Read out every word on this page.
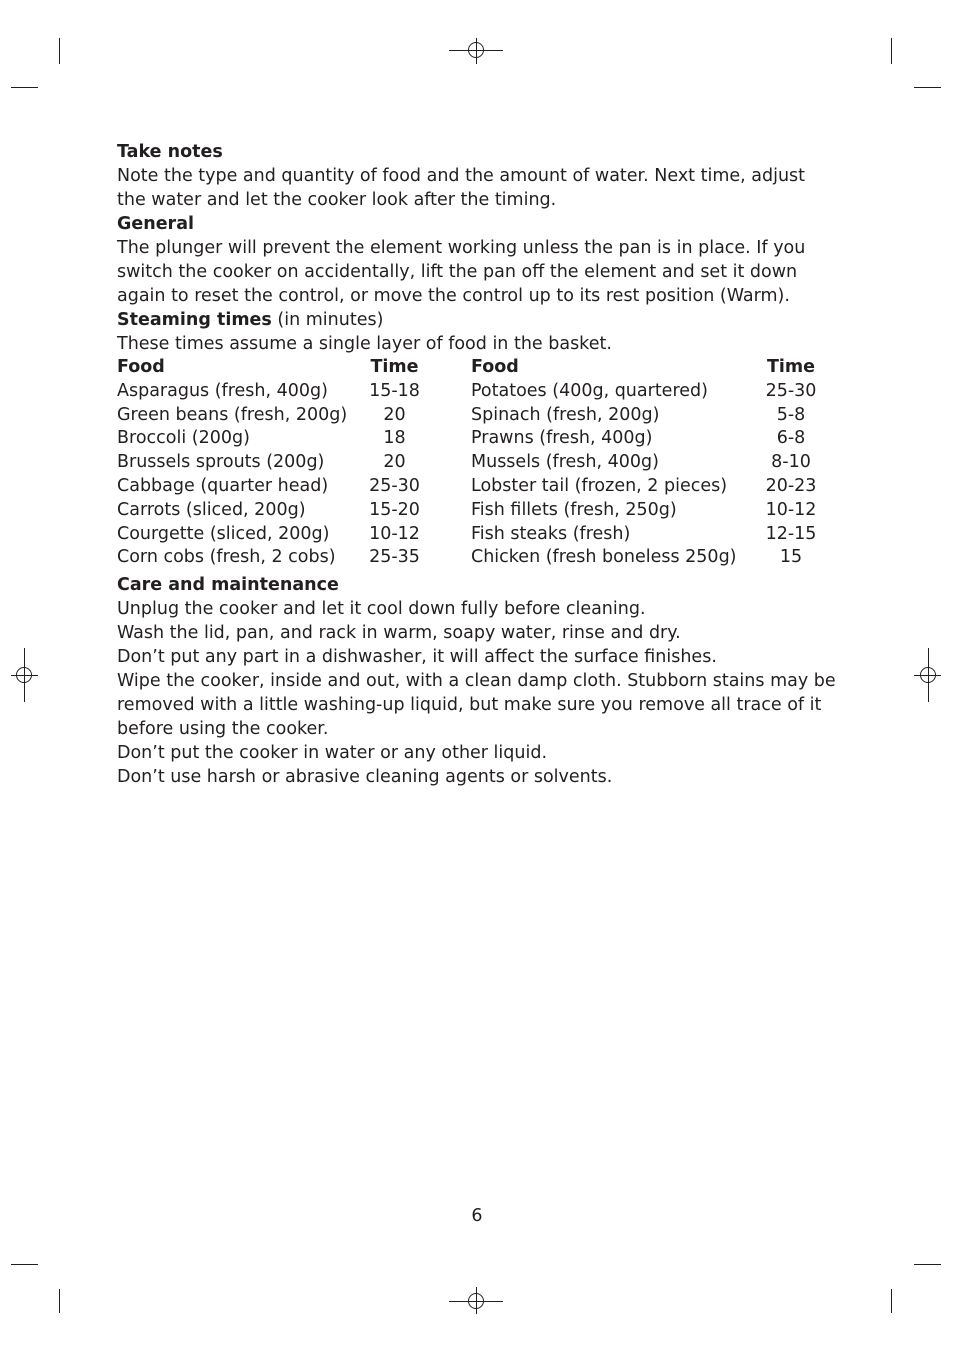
Take notes

Note the type and quantity of food and the amount of water. Next time, adjust the water and let the cooker look after the timing.

General

The plunger will prevent the element working unless the pan is in place. If you switch the cooker on accidentally, lift the pan off the element and set it down again to reset the control, or move the control up to its rest position (Warm).

Steaming times (in minutes)

These times assume a single layer of food in the basket.

Food	Time	Food	Time
Asparagus (fresh, 400g)	15-18	Potatoes (400g, quartered)	25-30
Green beans (fresh, 200g)	20	Spinach (fresh, 200g)	5-8
Broccoli (200g)	18	Prawns (fresh, 400g)	6-8
Brussels sprouts (200g)	20	Mussels (fresh, 400g)	8-10
Cabbage (quarter head)	25-30	Lobster tail (frozen, 2 pieces)	20-23
Carrots (sliced, 200g)	15-20	Fish fillets (fresh, 250g)	10-12
Courgette (sliced, 200g)	10-12	Fish steaks (fresh)	12-15
Corn cobs (fresh, 2 cobs)	25-35	Chicken (fresh boneless 250g)	15

Care and maintenance

Unplug the cooker and let it cool down fully before cleaning.

Wash the lid, pan, and rack in warm, soapy water, rinse and dry.

Don’t put any part in a dishwasher, it will affect the surface finishes.

Wipe the cooker, inside and out, with a clean damp cloth. Stubborn stains may be removed with a little washing-up liquid, but make sure you remove all trace of it before using the cooker.

Don’t put the cooker in water or any other liquid.

Don’t use harsh or abrasive cleaning agents or solvents.

6
